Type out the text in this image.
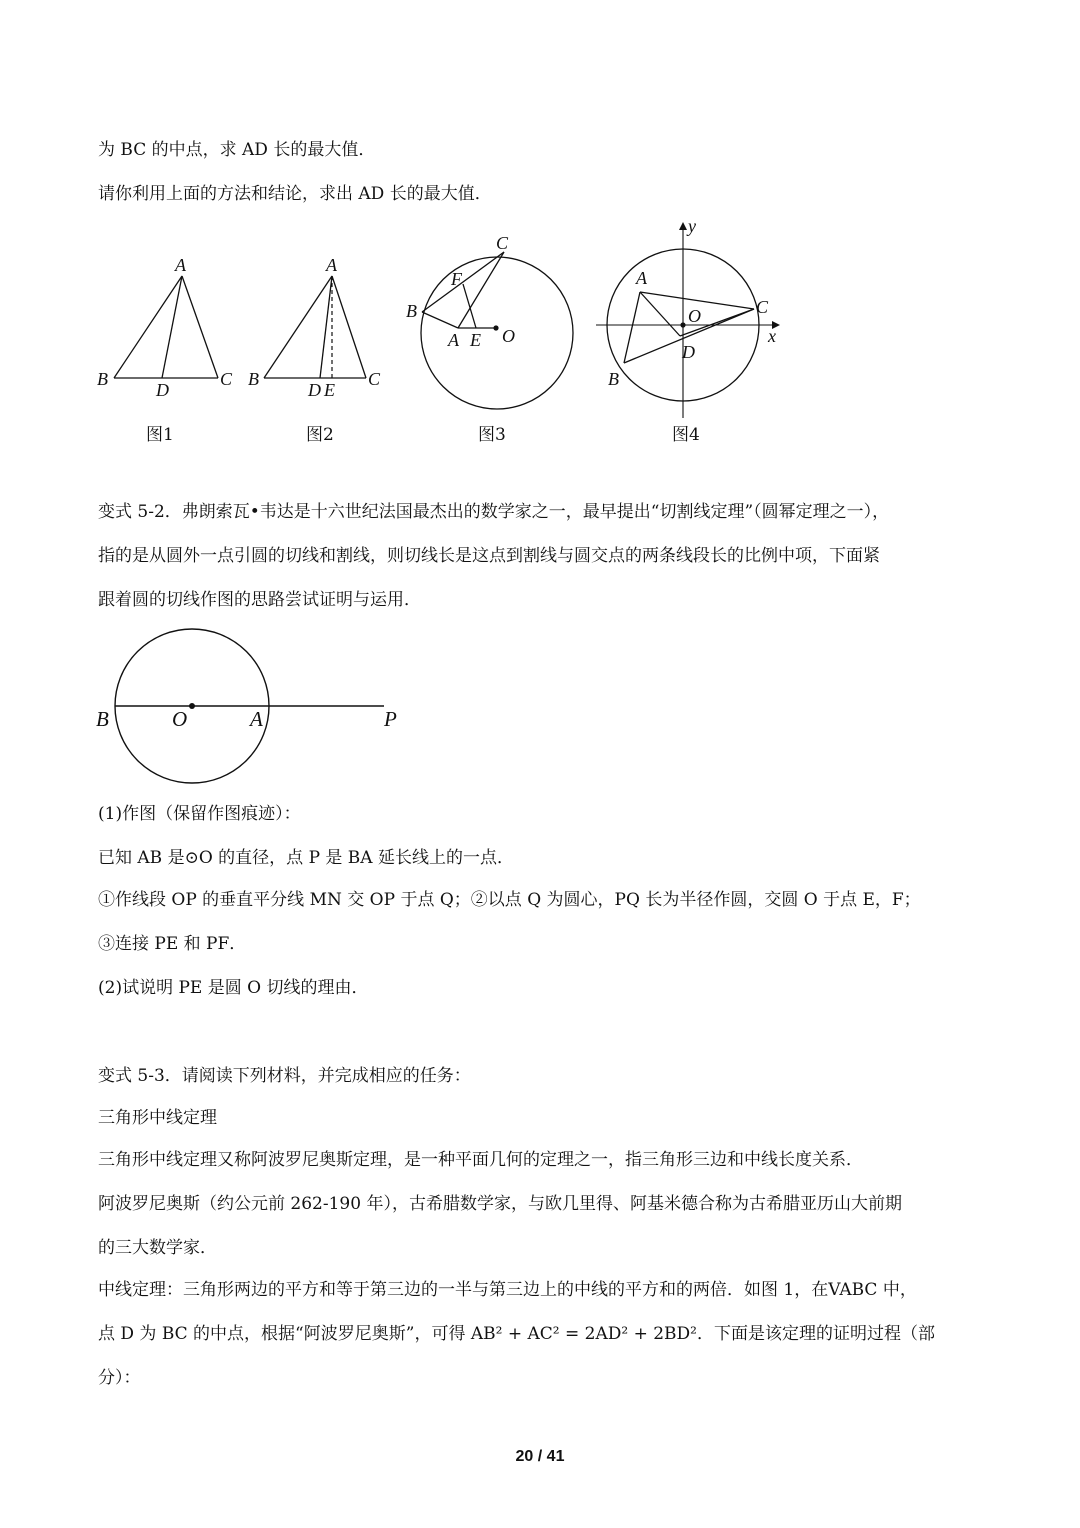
为 BC 的中点，求 AD 长的最大值．
请你利用上面的方法和结论，求出 AD 长的最大值．
A
B	C
D
图1
A
B	C
D E
图2
C
F
B
A E O
图3
y
A
O	C
x
D
B
图4
变式 5-2．弗朗索瓦•韦达是十六世纪法国最杰出的数学家之一，最早提出“切割线定理”（圆幂定理之一），
指的是从圆外一点引圆的切线和割线，则切线长是这点到割线与圆交点的两条线段长的比例中项，下面紧
跟着圆的切线作图的思路尝试证明与运用．
B	O	A	P
(1)作图（保留作图痕迹）：
已知 AB 是⊙O 的直径，点 P 是 BA 延长线上的一点．
①作线段 OP 的垂直平分线 MN 交 OP 于点 Q；②以点 Q 为圆心，PQ 长为半径作圆，交圆 O 于点 E，F；
③连接 PE 和 PF．
(2)试说明 PE 是圆 O 切线的理由．
变式 5-3．请阅读下列材料，并完成相应的任务：
三角形中线定理
三角形中线定理又称阿波罗尼奥斯定理，是一种平面几何的定理之一，指三角形三边和中线长度关系．
阿波罗尼奥斯（约公元前 262-190 年），古希腊数学家，与欧几里得、阿基米德合称为古希腊亚历山大前期
的三大数学家．
中线定理：三角形两边的平方和等于第三边的一半与第三边上的中线的平方和的两倍．如图 1，在VABC 中，
点 D 为 BC 的中点，根据“阿波罗尼奥斯”，可得 AB² + AC² = 2AD² + 2BD²．下面是该定理的证明过程（部
分）：
20 / 41
